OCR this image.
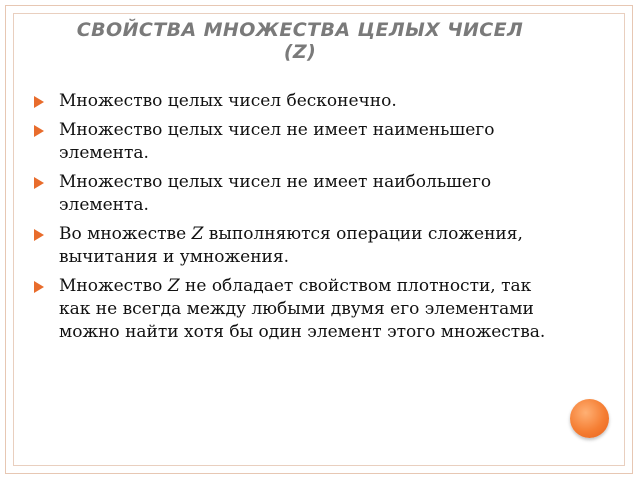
СВОЙСТВА МНОЖЕСТВА ЦЕЛЫХ ЧИСЕЛ
(Z)
Множество целых чисел бесконечно.
Множество целых чисел не имеет наименьшего элемента.
Множество целых чисел не имеет наибольшего элемента.
Во множестве Z выполняются операции сложения, вычитания и умножения.
Множество Z не обладает свойством плотности, так как не всегда между любыми двумя его элементами можно найти хотя бы один элемент этого множества.
